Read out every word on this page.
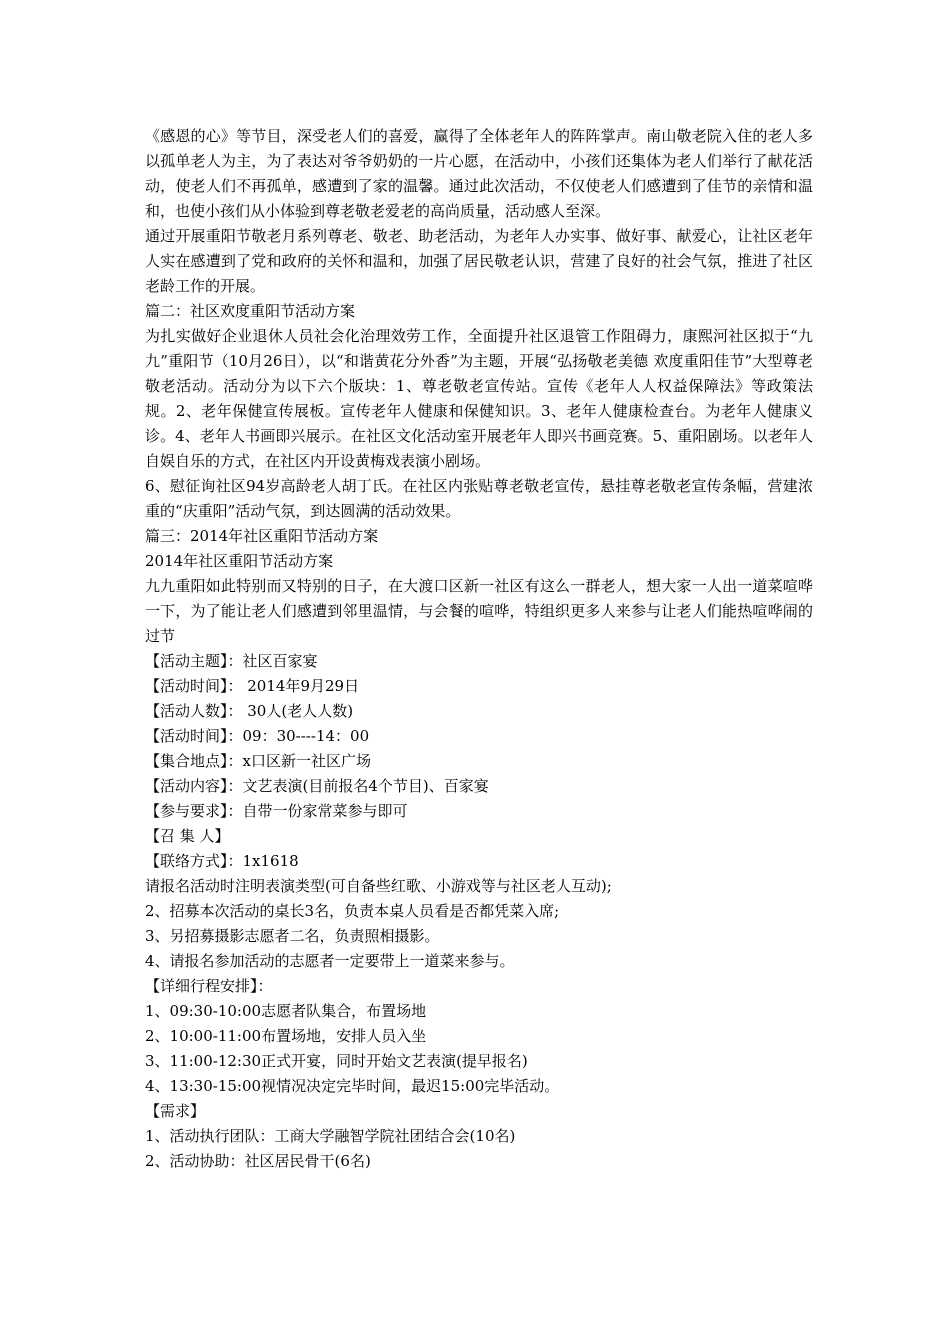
《感恩的心》等节目，深受老人们的喜爱，赢得了全体老年人的阵阵掌声。南山敬老院入住的老人多以孤单老人为主，为了表达对爷爷奶奶的一片心愿，在活动中，小孩们还集体为老人们举行了献花活动，使老人们不再孤单，感遭到了家的温馨。通过此次活动，不仅使老人们感遭到了佳节的亲情和温和，也使小孩们从小体验到尊老敬老爱老的高尚质量，活动感人至深。

通过开展重阳节敬老月系列尊老、敬老、助老活动，为老年人办实事、做好事、献爱心，让社区老年人实在感遭到了党和政府的关怀和温和，加强了居民敬老认识，营建了良好的社会气氛，推进了社区老龄工作的开展。

篇二：社区欢度重阳节活动方案

为扎实做好企业退休人员社会化治理效劳工作，全面提升社区退管工作阻碍力，康熙河社区拟于“九九”重阳节（10月26日），以“和谐黄花分外香”为主题，开展“弘扬敬老美德 欢度重阳佳节”大型尊老敬老活动。活动分为以下六个版块：1、尊老敬老宣传站。宣传《老年人人权益保障法》等政策法规。2、老年保健宣传展板。宣传老年人健康和保健知识。3、老年人健康检查台。为老年人健康义诊。4、老年人书画即兴展示。在社区文化活动室开展老年人即兴书画竞赛。5、重阳剧场。以老年人自娱自乐的方式，在社区内开设黄梅戏表演小剧场。

6、慰征询社区94岁高龄老人胡丁氏。在社区内张贴尊老敬老宣传，悬挂尊老敬老宣传条幅，营建浓重的“庆重阳”活动气氛，到达圆满的活动效果。

篇三：2014年社区重阳节活动方案

2014年社区重阳节活动方案

九九重阳如此特别而又特别的日子，在大渡口区新一社区有这么一群老人，想大家一人出一道菜喧哗一下，为了能让老人们感遭到邻里温情，与会餐的喧哗，特组织更多人来参与让老人们能热喧哗闹的过节

【活动主题】：社区百家宴

【活动时间】： 2014年9月29日

【活动人数】： 30人(老人人数)

【活动时间】：09：30----14：00

【集合地点】：x口区新一社区广场

【活动内容】：文艺表演(目前报名4个节目)、百家宴

【参与要求】：自带一份家常菜参与即可

【召 集 人】

【联络方式】：1x1618

请报名活动时注明表演类型(可自备些红歌、小游戏等与社区老人互动);

2、招募本次活动的桌长3名，负责本桌人员看是否都凭菜入席;

3、另招募摄影志愿者二名，负责照相摄影。

4、请报名参加活动的志愿者一定要带上一道菜来参与。

【详细行程安排】：

1、09:30-10:00志愿者队集合，布置场地

2、10:00-11:00布置场地，安排人员入坐

3、11:00-12:30正式开宴，同时开始文艺表演(提早报名)

4、13:30-15:00视情况决定完毕时间，最迟15:00完毕活动。

【需求】

1、活动执行团队：工商大学融智学院社团结合会(10名)

2、活动协助：社区居民骨干(6名)
